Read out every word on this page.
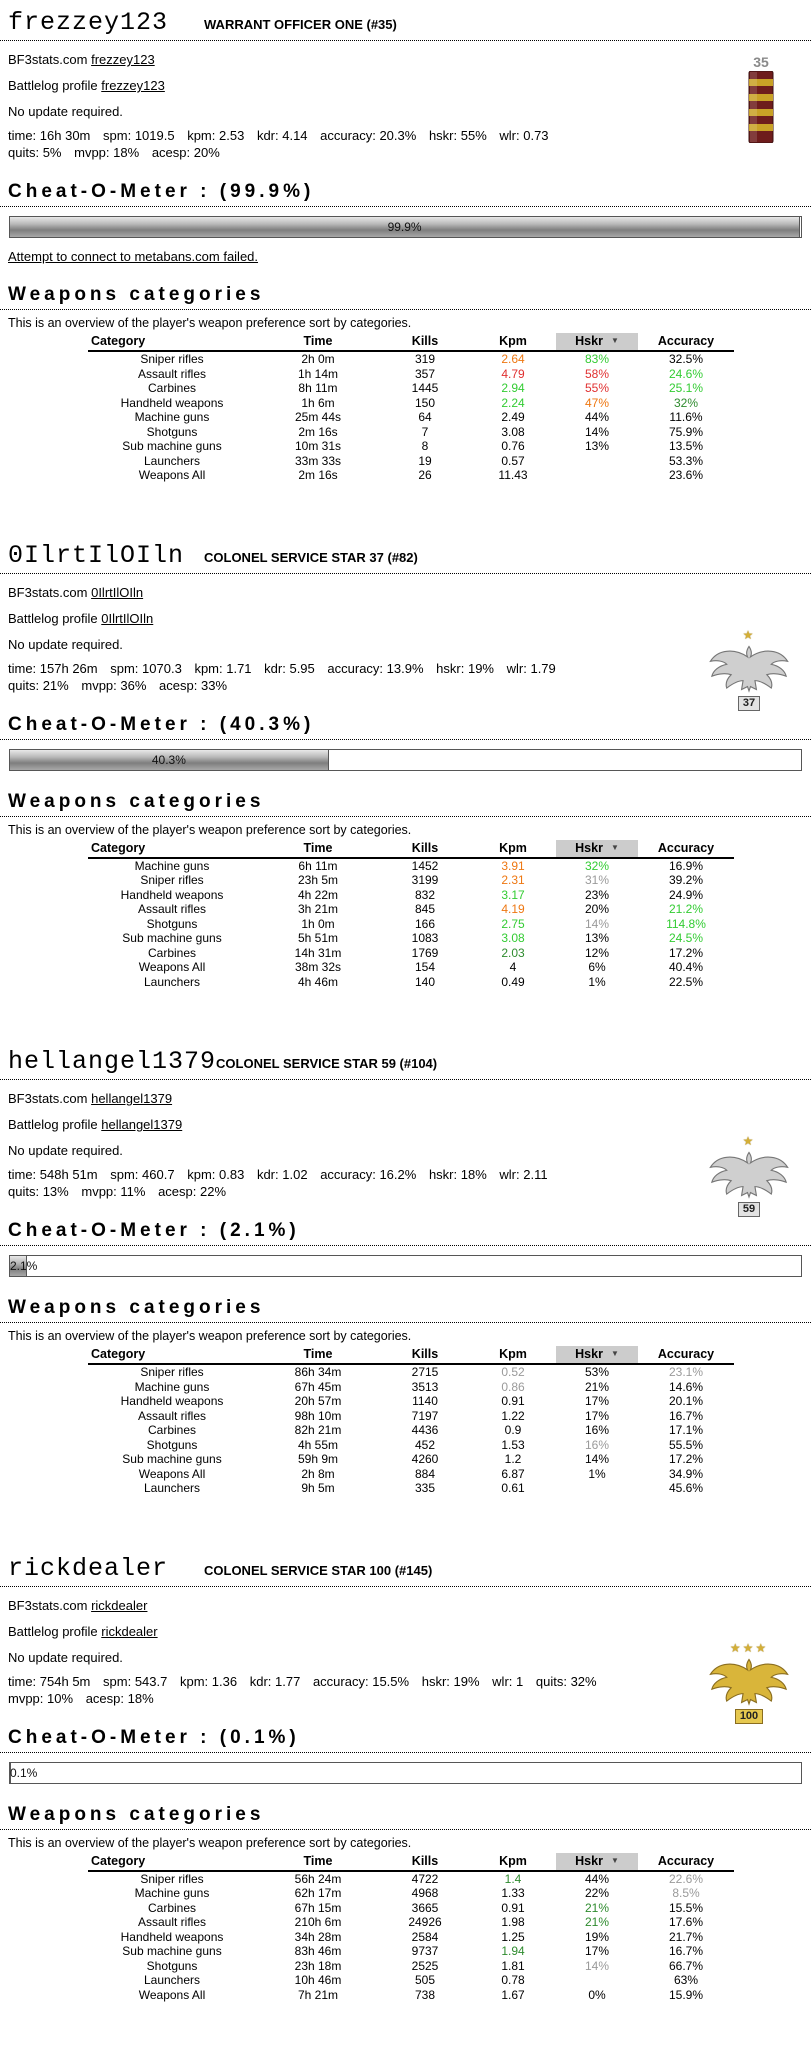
frezzey123	WARRANT OFFICER ONE (#35)
35

BF3stats.com frezzey123

Battlelog profile frezzey123

No update required.

time: 16h 30m spm: 1019.5 kpm: 2.53 kdr: 4.14 accuracy: 20.3% hskr: 55% wlr: 0.73 quits: 5% mvpp: 18% acesp: 20%

Cheat-O-Meter : (99.9%)
99.9%

Attempt to connect to metabans.com failed.

Weapons categories

This is an overview of the player's weapon preference sort by categories.

Category	Time	Kills	Kpm	Hskr ▼	Accuracy
Sniper rifles	2h 0m	319	2.64	83%	32.5%
Assault rifles	1h 14m	357	4.79	58%	24.6%
Carbines	8h 11m	1445	2.94	55%	25.1%
Handheld weapons	1h 6m	150	2.24	47%	32%
Machine guns	25m 44s	64	2.49	44%	11.6%
Shotguns	2m 16s	7	3.08	14%	75.9%
Sub machine guns	10m 31s	8	0.76	13%	13.5%
Launchers	33m 33s	19	0.57		53.3%
Weapons All	2m 16s	26	11.43		23.6%
0IlrtIlOIln	COLONEL SERVICE STAR 37 (#82)
★
37

BF3stats.com 0IlrtIlOIln

Battlelog profile 0IlrtIlOIln

No update required.

time: 157h 26m spm: 1070.3 kpm: 1.71 kdr: 5.95 accuracy: 13.9% hskr: 19% wlr: 1.79 quits: 21% mvpp: 36% acesp: 33%

Cheat-O-Meter : (40.3%)
40.3%
Weapons categories

This is an overview of the player's weapon preference sort by categories.

Category	Time	Kills	Kpm	Hskr ▼	Accuracy
Machine guns	6h 11m	1452	3.91	32%	16.9%
Sniper rifles	23h 5m	3199	2.31	31%	39.2%
Handheld weapons	4h 22m	832	3.17	23%	24.9%
Assault rifles	3h 21m	845	4.19	20%	21.2%
Shotguns	1h 0m	166	2.75	14%	114.8%
Sub machine guns	5h 51m	1083	3.08	13%	24.5%
Carbines	14h 31m	1769	2.03	12%	17.2%
Weapons All	38m 32s	154	4	6%	40.4%
Launchers	4h 46m	140	0.49	1%	22.5%
hellangel1379 COLONEL SERVICE STAR 59 (#104)
★
59

BF3stats.com hellangel1379

Battlelog profile hellangel1379

No update required.

time: 548h 51m spm: 460.7 kpm: 0.83 kdr: 1.02 accuracy: 16.2% hskr: 18% wlr: 2.11 quits: 13% mvpp: 11% acesp: 22%

Cheat-O-Meter : (2.1%)
2.1%
Weapons categories

This is an overview of the player's weapon preference sort by categories.

Category	Time	Kills	Kpm	Hskr ▼	Accuracy
Sniper rifles	86h 34m	2715	0.52	53%	23.1%
Machine guns	67h 45m	3513	0.86	21%	14.6%
Handheld weapons	20h 57m	1140	0.91	17%	20.1%
Assault rifles	98h 10m	7197	1.22	17%	16.7%
Carbines	82h 21m	4436	0.9	16%	17.1%
Shotguns	4h 55m	452	1.53	16%	55.5%
Sub machine guns	59h 9m	4260	1.2	14%	17.2%
Weapons All	2h 8m	884	6.87	1%	34.9%
Launchers	9h 5m	335	0.61		45.6%
rickdealer	COLONEL SERVICE STAR 100 (#145)
★★★
100

BF3stats.com rickdealer

Battlelog profile rickdealer

No update required.

time: 754h 5m spm: 543.7 kpm: 1.36 kdr: 1.77 accuracy: 15.5% hskr: 19% wlr: 1 quits: 32% mvpp: 10% acesp: 18%

Cheat-O-Meter : (0.1%)
0.1%
Weapons categories

This is an overview of the player's weapon preference sort by categories.

Category	Time	Kills	Kpm	Hskr ▼	Accuracy
Sniper rifles	56h 24m	4722	1.4	44%	22.6%
Machine guns	62h 17m	4968	1.33	22%	8.5%
Carbines	67h 15m	3665	0.91	21%	15.5%
Assault rifles	210h 6m	24926	1.98	21%	17.6%
Handheld weapons	34h 28m	2584	1.25	19%	21.7%
Sub machine guns	83h 46m	9737	1.94	17%	16.7%
Shotguns	23h 18m	2525	1.81	14%	66.7%
Launchers	10h 46m	505	0.78		63%
Weapons All	7h 21m	738	1.67	0%	15.9%
